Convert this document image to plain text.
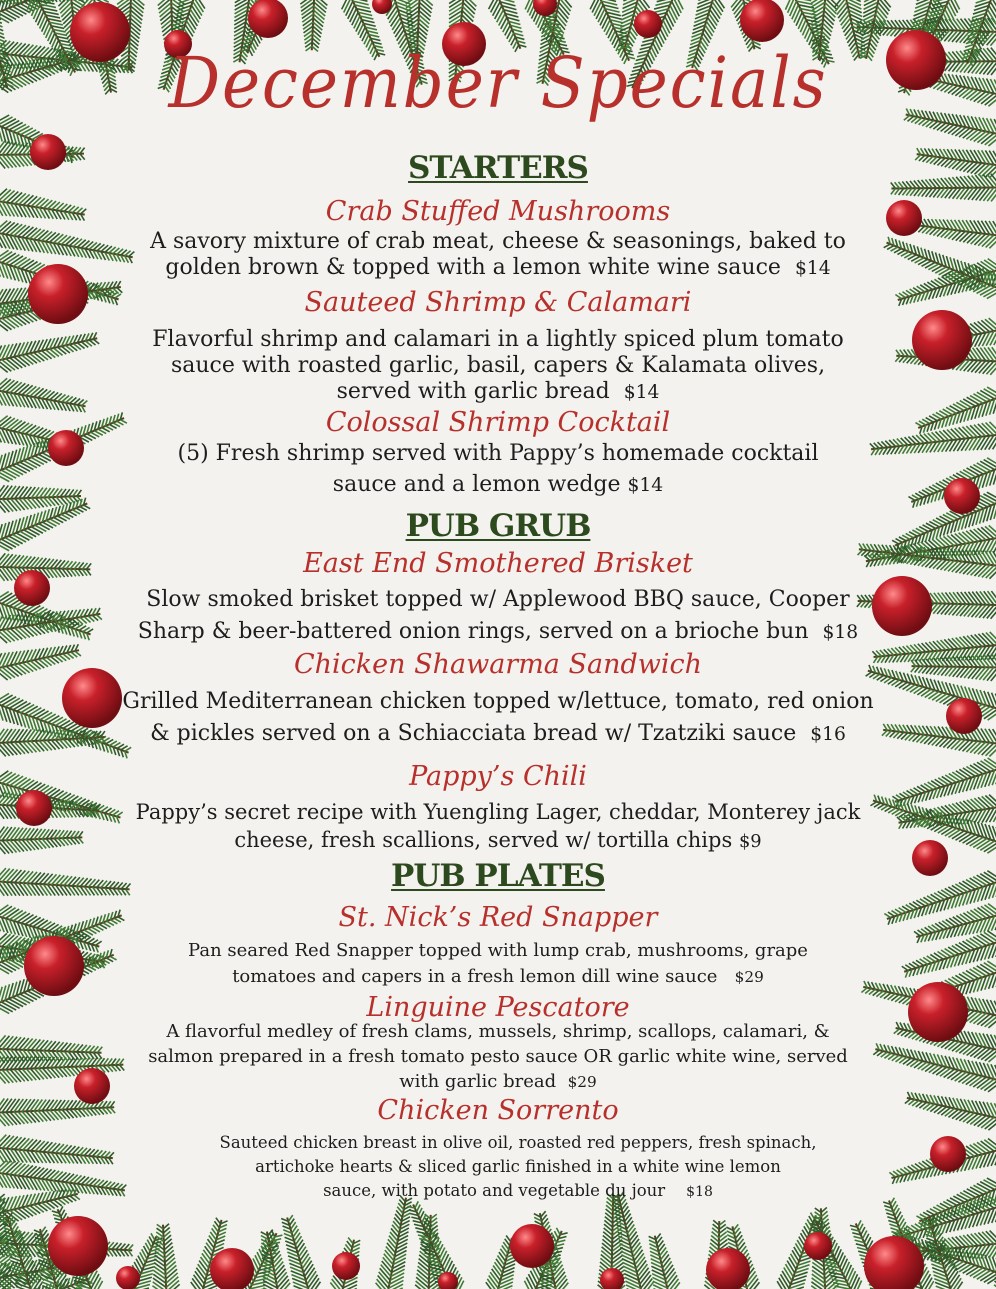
December Specials
STARTERS
Crab Stuffed Mushrooms
A savory mixture of crab meat, cheese & seasonings, baked to
golden brown & topped with a lemon white wine sauce $14
Sauteed Shrimp & Calamari
Flavorful shrimp and calamari in a lightly spiced plum tomato
sauce with roasted garlic, basil, capers & Kalamata olives,
served with garlic bread $14
Colossal Shrimp Cocktail
(5) Fresh shrimp served with Pappy’s homemade cocktail
sauce and a lemon wedge $14
PUB GRUB
East End Smothered Brisket
Slow smoked brisket topped w/ Applewood BBQ sauce, Cooper
Sharp & beer-battered onion rings, served on a brioche bun $18
Chicken Shawarma Sandwich
Grilled Mediterranean chicken topped w/lettuce, tomato, red onion
& pickles served on a Schiacciata bread w/ Tzatziki sauce $16
Pappy’s Chili
Pappy’s secret recipe with Yuengling Lager, cheddar, Monterey jack
cheese, fresh scallions, served w/ tortilla chips $9
PUB PLATES
St. Nick’s Red Snapper
Pan seared Red Snapper topped with lump crab, mushrooms, grape
tomatoes and capers in a fresh lemon dill wine sauce $29
Linguine Pescatore
A flavorful medley of fresh clams, mussels, shrimp, scallops, calamari, &
salmon prepared in a fresh tomato pesto sauce OR garlic white wine, served
with garlic bread $29
Chicken Sorrento
Sauteed chicken breast in olive oil, roasted red peppers, fresh spinach,
artichoke hearts & sliced garlic finished in a white wine lemon
sauce, with potato and vegetable du jour $18
